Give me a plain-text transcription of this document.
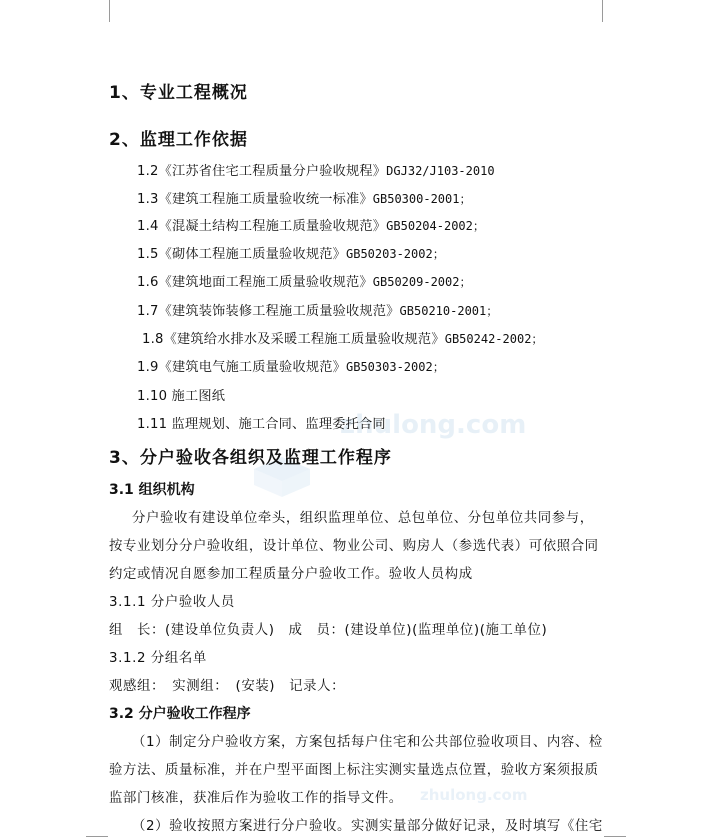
zhulong.com
zhulong.com
1、专业工程概况
2、监理工作依据
1.2《江苏省住宅工程质量分户验收规程》DGJ32/J103-2010
1.3《建筑工程施工质量验收统一标准》GB50300-2001；
1.4《混凝土结构工程施工质量验收规范》GB50204-2002；
1.5《砌体工程施工质量验收规范》GB50203-2002；
1.6《建筑地面工程施工质量验收规范》GB50209-2002；
1.7《建筑装饰装修工程施工质量验收规范》GB50210-2001；
1.8《建筑给水排水及采暖工程施工质量验收规范》GB50242-2002；
1.9《建筑电气施工质量验收规范》GB50303-2002；
1.10 施工图纸
1.11 监理规划、施工合同、监理委托合同
3、分户验收各组织及监理工作程序
3.1 组织机构
分户验收有建设单位牵头，组织监理单位、总包单位、分包单位共同参与，
按专业划分分户验收组，设计单位、物业公司、购房人（参选代表）可依照合同
约定或情况自愿参加工程质量分户验收工作。验收人员构成
3.1.1 分户验收人员
组　长：(建设单位负责人)　成　员：(建设单位)(监理单位)(施工单位)
3.1.2 分组名单
观感组：　实测组：　(安装)　记录人：
3.2 分户验收工作程序
（1）制定分户验收方案，方案包括每户住宅和公共部位验收项目、内容、检
验方法、质量标准，并在户型平面图上标注实测实量选点位置，验收方案须报质
监部门核准，获准后作为验收工作的指导文件。
（2）验收按照方案进行分户验收。实测实量部分做好记录，及时填写《住宅
